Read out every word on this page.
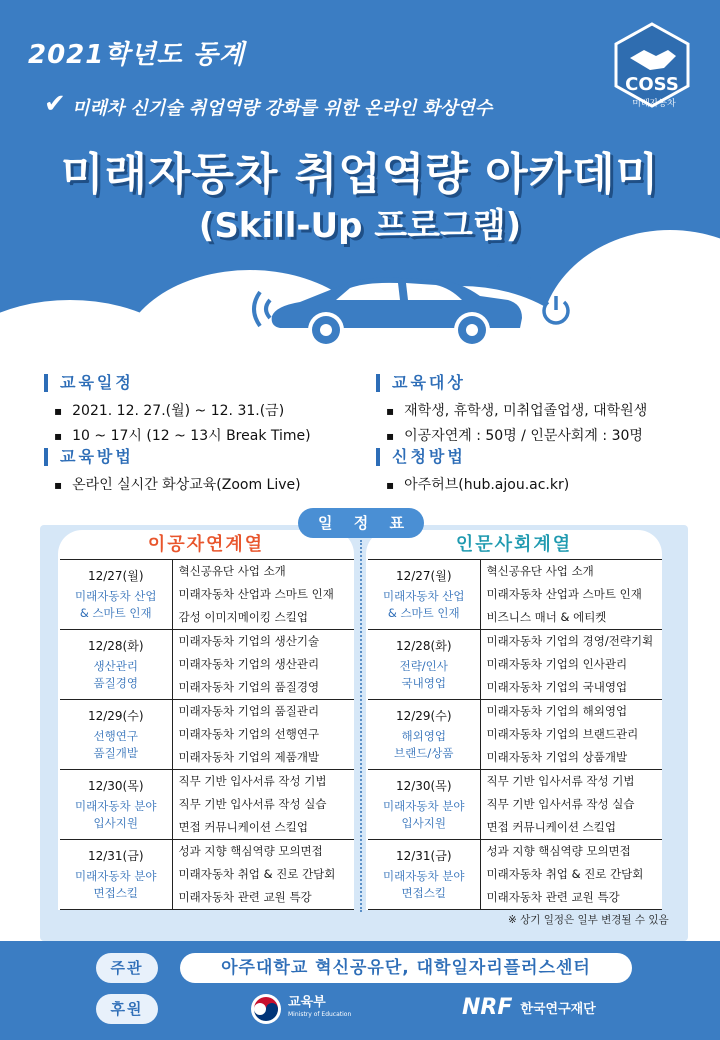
2021학년도 동계
✔ 미래차 신기술 취업역량 강화를 위한 온라인 화상연수
미래자동차 취업역량 아카데미
(Skill-Up 프로그램)
COSS
미래자동차
교육일정
▪ 2021. 12. 27.(월) ~ 12. 31.(금)
▪ 10 ~ 17시 (12 ~ 13시 Break Time)
교육방법
▪ 온라인 실시간 화상교육(Zoom Live)
교육대상
▪ 재학생, 휴학생, 미취업졸업생, 대학원생
▪ 이공자연계 : 50명 / 인문사회계 : 30명
신청방법
▪ 아주허브(hub.ajou.ac.kr)
일 정 표
이공자연계열	인문사회계열
12/27(월)
미래자동차 산업
& 스마트 인재	혁신공유단 사업 소개
미래자동차 산업과 스마트 인재
감성 이미지메이킹 스킬업

12/28(화)
생산관리
품질경영	미래자동차 기업의 생산기술
미래자동차 기업의 생산관리
미래자동차 기업의 품질경영

12/29(수)
선행연구
품질개발	미래자동차 기업의 품질관리
미래자동차 기업의 선행연구
미래자동차 기업의 제품개발

12/30(목)
미래자동차 분야
입사지원	직무 기반 입사서류 작성 기법
직무 기반 입사서류 작성 실습
면접 커뮤니케이션 스킬업

12/31(금)
미래자동차 분야
면접스킬	성과 지향 핵심역량 모의면접
미래자동차 취업 & 진로 간담회
미래자동차 관련 교원 특강
12/27(월)
미래자동차 산업
& 스마트 인재	혁신공유단 사업 소개
미래자동차 산업과 스마트 인재
비즈니스 매너 & 에티켓

12/28(화)
전략/인사
국내영업	미래자동차 기업의 경영/전략기획
미래자동차 기업의 인사관리
미래자동차 기업의 국내영업

12/29(수)
해외영업
브랜드/상품	미래자동차 기업의 해외영업
미래자동차 기업의 브랜드관리
미래자동차 기업의 상품개발

12/30(목)
미래자동차 분야
입사지원	직무 기반 입사서류 작성 기법
직무 기반 입사서류 작성 실습
면접 커뮤니케이션 스킬업

12/31(금)
미래자동차 분야
면접스킬	성과 지향 핵심역량 모의면접
미래자동차 취업 & 진로 간담회
미래자동차 관련 교원 특강
※ 상기 일정은 일부 변경될 수 있음
주관	아주대학교 혁신공유단, 대학일자리플러스센터
후원	교육부
Ministry of Education	NRF 한국연구재단
